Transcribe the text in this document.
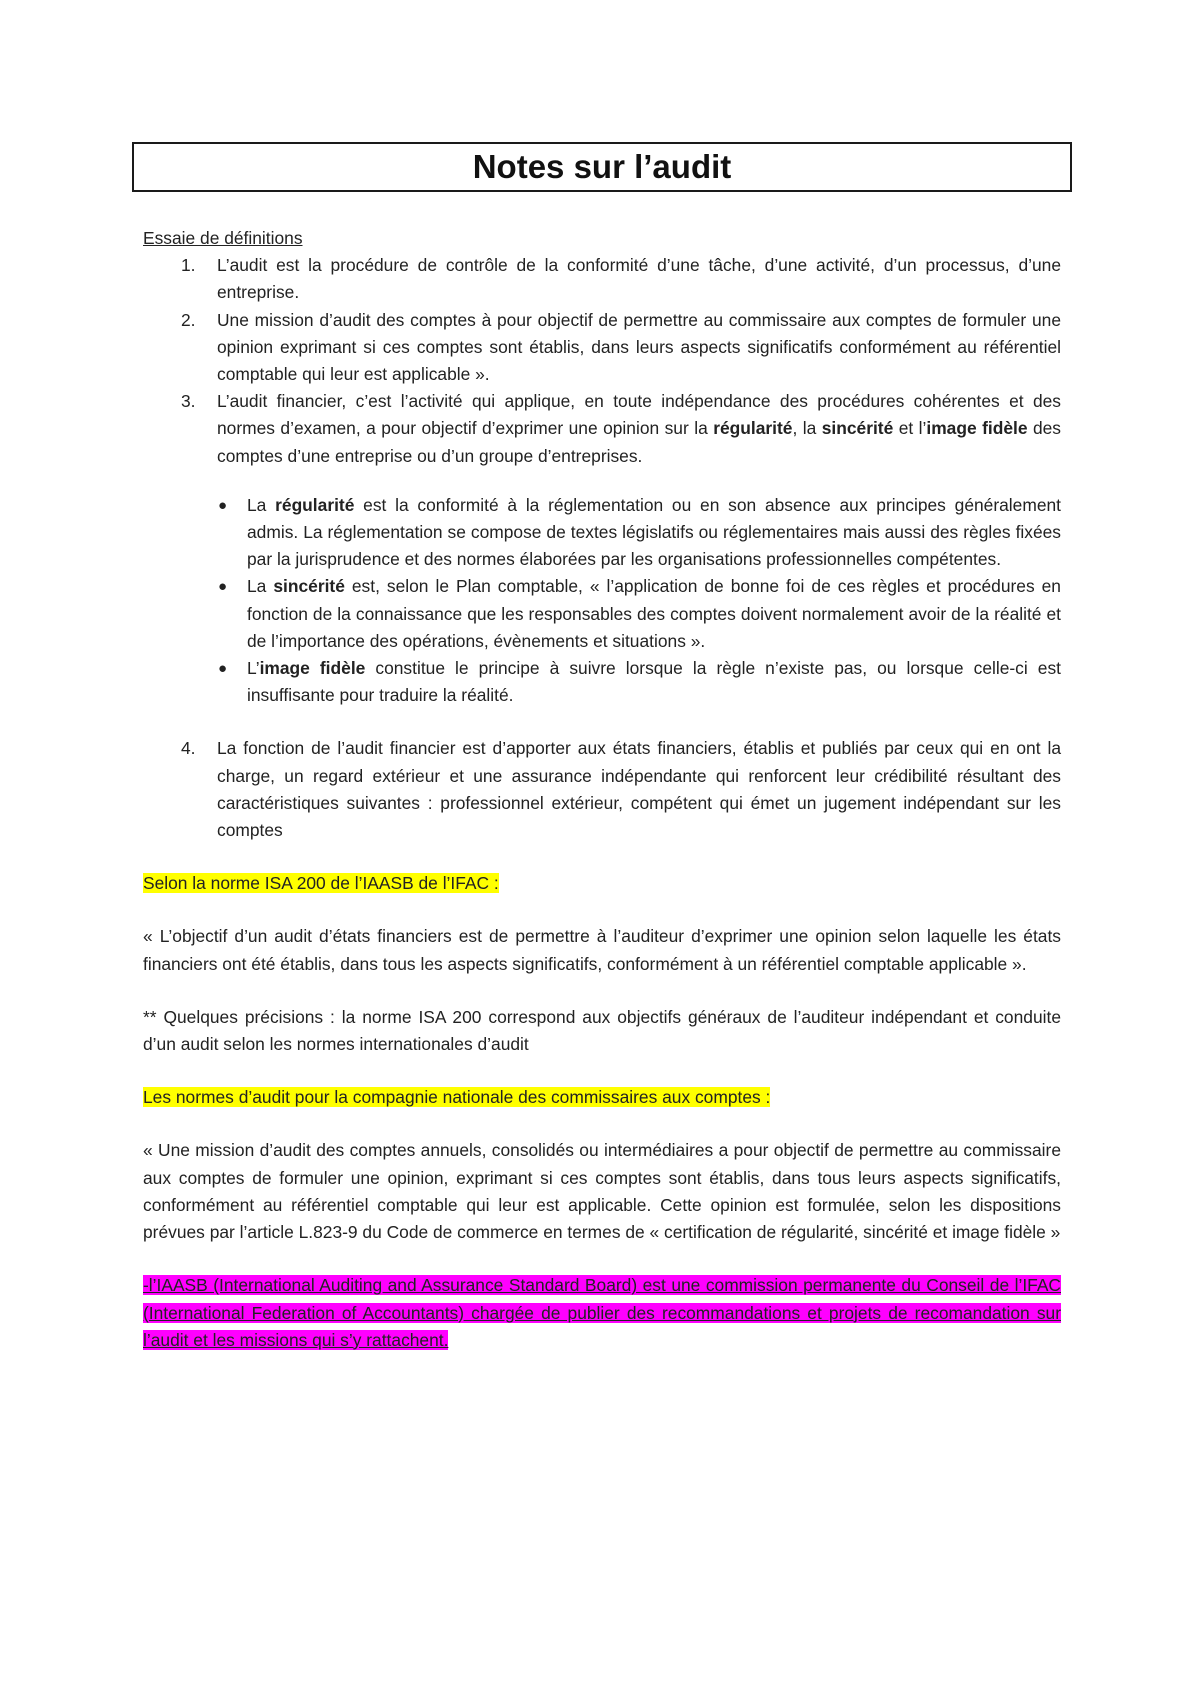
Notes sur l’audit

Essaie de définitions

1. L’audit est la procédure de contrôle de la conformité d’une tâche, d’une activité, d’un processus, d’une entreprise.
2. Une mission d’audit des comptes à pour objectif de permettre au commissaire aux comptes de formuler une opinion exprimant si ces comptes sont établis, dans leurs aspects significatifs conformément au référentiel comptable qui leur est applicable ».
3. L’audit financier, c’est l’activité qui applique, en toute indépendance des procédures cohérentes et des normes d’examen, a pour objectif d’exprimer une opinion sur la régularité, la sincérité et l’image fidèle des comptes d’une entreprise ou d’un groupe d’entreprises.
● La régularité est la conformité à la réglementation ou en son absence aux principes généralement admis. La réglementation se compose de textes législatifs ou réglementaires mais aussi des règles fixées par la jurisprudence et des normes élaborées par les organisations professionnelles compétentes.
● La sincérité est, selon le Plan comptable, « l’application de bonne foi de ces règles et procédures en fonction de la connaissance que les responsables des comptes doivent normalement avoir de la réalité et de l’importance des opérations, évènements et situations ».
● L’image fidèle constitue le principe à suivre lorsque la règle n’existe pas, ou lorsque celle-ci est insuffisante pour traduire la réalité.
4. La fonction de l’audit financier est d’apporter aux états financiers, établis et publiés par ceux qui en ont la charge, un regard extérieur et une assurance indépendante qui renforcent leur crédibilité résultant des caractéristiques suivantes : professionnel extérieur, compétent qui émet un jugement indépendant sur les comptes

Selon la norme ISA 200 de l’IAASB de l’IFAC :

« L’objectif d’un audit d’états financiers est de permettre à l’auditeur d’exprimer une opinion selon laquelle les états financiers ont été établis, dans tous les aspects significatifs, conformément à un référentiel comptable applicable ».

** Quelques précisions : la norme ISA 200 correspond aux objectifs généraux de l’auditeur indépendant et conduite d’un audit selon les normes internationales d’audit

Les normes d’audit pour la compagnie nationale des commissaires aux comptes :

« Une mission d’audit des comptes annuels, consolidés ou intermédiaires a pour objectif de permettre au commissaire aux comptes de formuler une opinion, exprimant si ces comptes sont établis, dans tous leurs aspects significatifs, conformément au référentiel comptable qui leur est applicable. Cette opinion est formulée, selon les dispositions prévues par l’article L.823-9 du Code de commerce en termes de « certification de régularité, sincérité et image fidèle »

-l’IAASB (International Auditing and Assurance Standard Board) est une commission permanente du Conseil de l’IFAC (International Federation of Accountants) chargée de publier des recommandations et projets de recomandation sur l’audit et les missions qui s’y rattachent.
